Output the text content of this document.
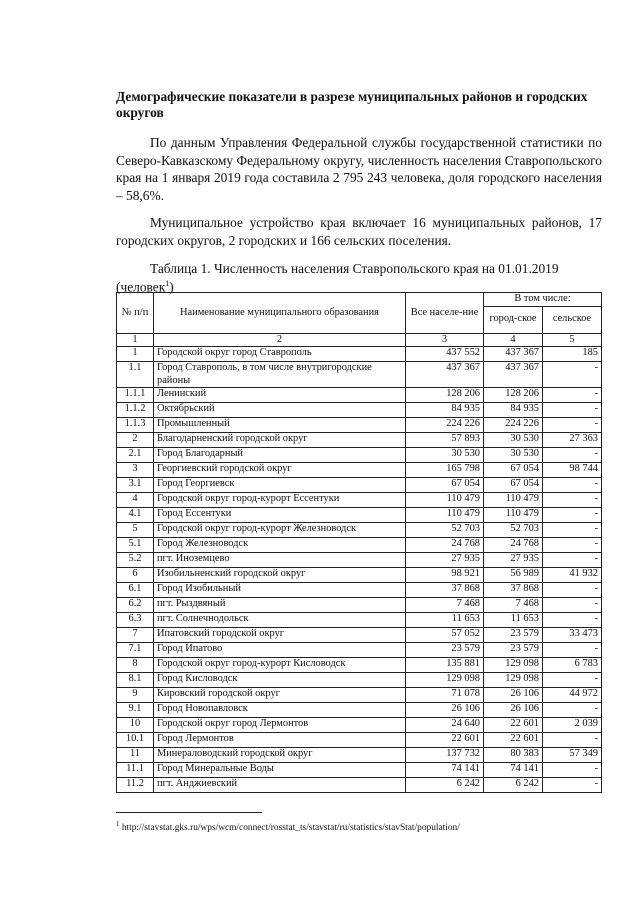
Демографические показатели в разрезе муниципальных районов и городских округов
По данным Управления Федеральной службы государственной статистики по Северо-Кавказскому Федеральному округу, численность населения Ставропольского края на 1 января 2019 года составила 2 795 243 человека, доля городского населения – 58,6%.
Муниципальное устройство края включает 16 муниципальных районов, 17 городских округов, 2 городских и 166 сельских поселения.
Таблица 1. Численность населения Ставропольского края на 01.01.2019 (человек$^1$)
№ п/п	Наименование муниципального образования	Все населе-ние	В том числе:	
			город-ское	сельское
1	2	3	4	5
1	Городской округ город Ставрополь	437 552	437 367	185
1.1	Город Ставрополь, в том числе внутригородские районы	437 367	437 367	-
1.1.1	Ленинский	128 206	128 206	-
1.1.2	Октябрьский	84 935	84 935	-
1.1.3	Промышленный	224 226	224 226	-
2	Благодарненский городской округ	57 893	30 530	27 363
2.1	Город Благодарный	30 530	30 530	-
3	Георгиевский городской округ	165 798	67 054	98 744
3.1	Город Георгиевск	67 054	67 054	-
4	Городской округ город-курорт Ессентуки	110 479	110 479	-
4.1	Город Ессентуки	110 479	110 479	-
5	Городской округ город-курорт Железноводск	52 703	52 703	-
5.1	Город Железноводск	24 768	24 768	-
5.2	пгт. Иноземцево	27 935	27 935	-
6	Изобильненский городской округ	98 921	56 989	41 932
6.1	Город Изобильный	37 868	37 868	-
6.2	пгт. Рыздвяный	7 468	7 468	-
6.3	пгт. Солнечнодольск	11 653	11 653	-
7	Ипатовский городской округ	57 052	23 579	33 473
7.1	Город Ипатово	23 579	23 579	-
8	Городской округ город-курорт Кисловодск	135 881	129 098	6 783
8.1	Город Кисловодск	129 098	129 098	-
9	Кировский городской округ	71 078	26 106	44 972
9.1	Город Новопавловск	26 106	26 106	-
10	Городской округ город Лермонтов	24 640	22 601	2 039
10.1	Город Лермонтов	22 601	22 601	-
11	Минераловодский городской округ	137 732	80 383	57 349
11.1	Город Минеральные Воды	74 141	74 141	-
11.2	пгт. Анджиевский	6 242	6 242	-
$^1$ http://stavstat.gks.ru/wps/wcm/connect/rosstat_ts/stavstat/ru/statistics/stavStat/population/
